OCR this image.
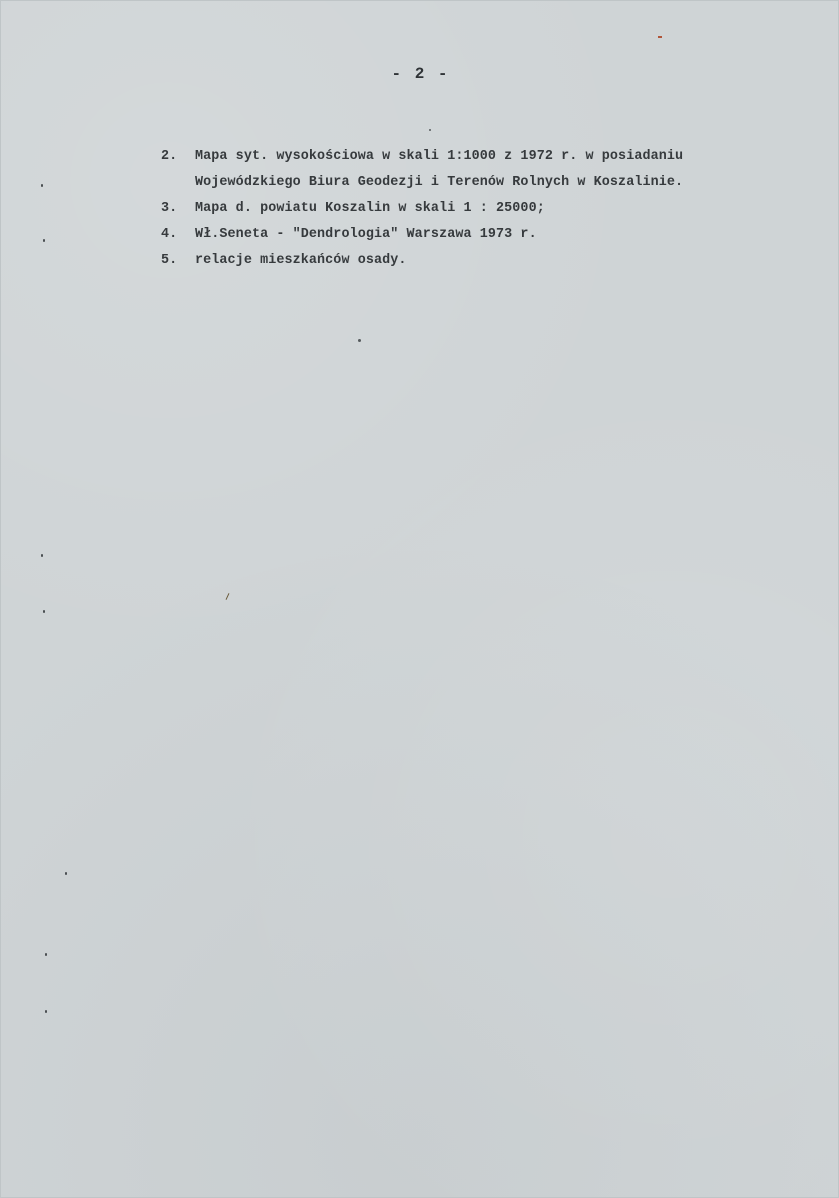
- 2 -
2.	Mapa syt. wysokościowa w skali 1:1000 z 1972 r. w posiadaniu
Wojewódzkiego Biura Geodezji i Terenów Rolnych w Koszalinie.
3.	Mapa d. powiatu Koszalin w skali 1 : 25000;
4.	Wł.Seneta - "Dendrologia" Warszawa 1973 r.
5.	relacje mieszkańców osady.
